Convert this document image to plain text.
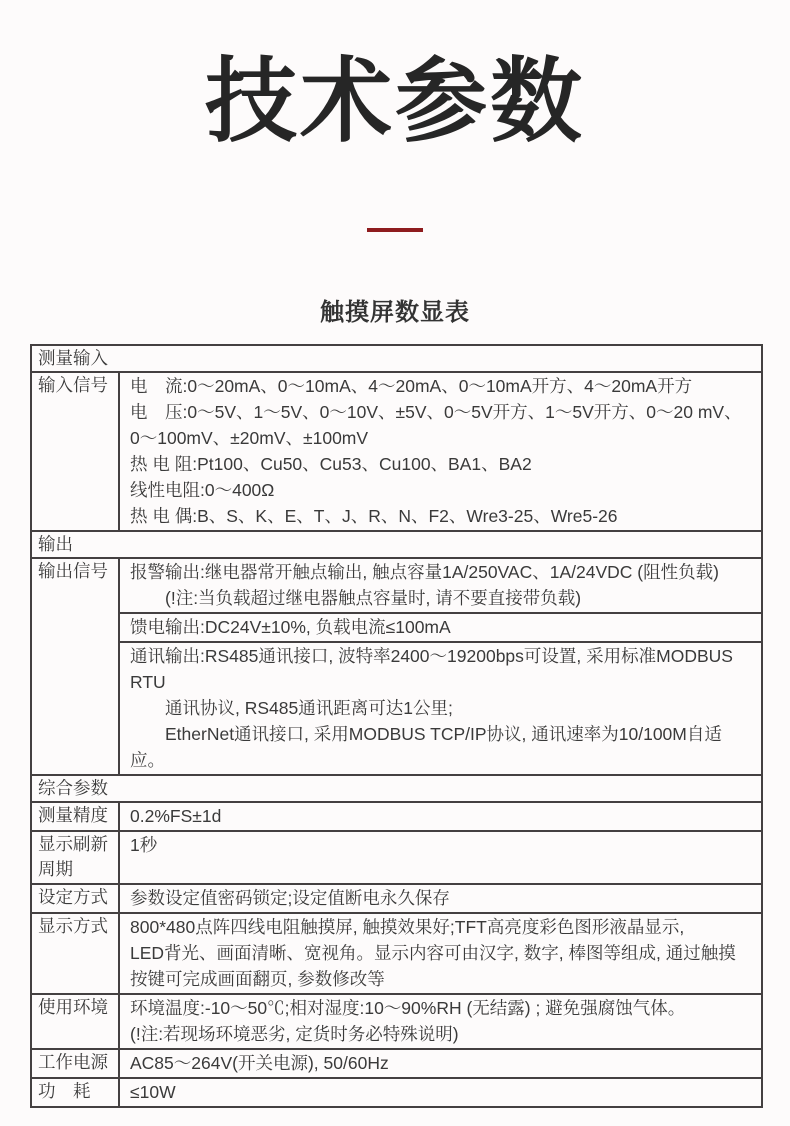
技术参数
触摸屏数显表
测量输入	
输入信号	电　流:0～20mA、0～10mA、4～20mA、0～10mA开方、4～20mA开方
电　压:0～5V、1～5V、0～10V、±5V、0～5V开方、1～5V开方、0～20 mV、
0～100mV、±20mV、±100mV
热 电 阻:Pt100、Cu50、Cu53、Cu100、BA1、BA2
线性电阻:0～400Ω
热 电 偶:B、S、K、E、T、J、R、N、F2、Wre3-25、Wre5-26

输出	
输出信号	报警输出:继电器常开触点输出, 触点容量1A/250VAC、1A/24VDC (阻性负载)
　　(!注:当负载超过继电器触点容量时, 请不要直接带负载)

	馈电输出:DC24V±10%, 负载电流≤100mA

	通讯输出:RS485通讯接口, 波特率2400～19200bps可设置, 采用标准MODBUS RTU
　　通讯协议, RS485通讯距离可达1公里;
　　EtherNet通讯接口, 采用MODBUS TCP/IP协议, 通讯速率为10/100M自适应。

综合参数	
测量精度	0.2%FS±1d

显示刷新周期	1秒

设定方式	参数设定值密码锁定;设定值断电永久保存

显示方式	800*480点阵四线电阻触摸屏, 触摸效果好;TFT高亮度彩色图形液晶显示,
LED背光、画面清晰、宽视角。显示内容可由汉字, 数字, 棒图等组成, 通过触摸
按键可完成画面翻页, 参数修改等

使用环境	环境温度:-10～50℃;相对湿度:10～90%RH (无结露) ; 避免强腐蚀气体。
(!注:若现场环境恶劣, 定货时务必特殊说明)

工作电源	AC85～264V(开关电源), 50/60Hz

功　耗	≤10W
